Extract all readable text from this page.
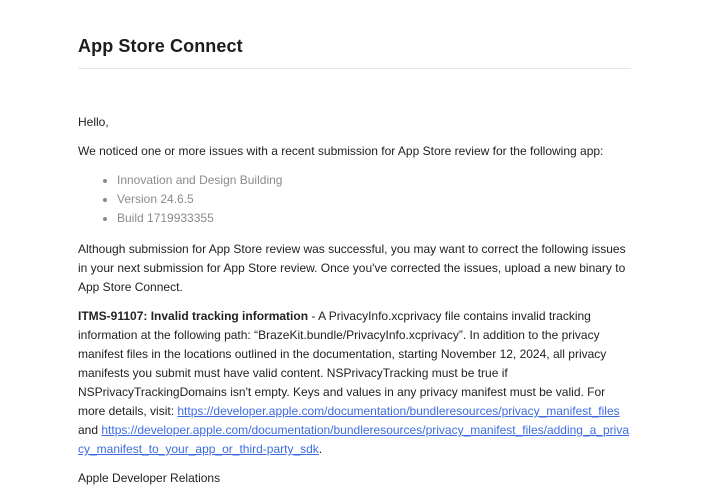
App Store Connect

Hello,

We noticed one or more issues with a recent submission for App Store review for the following app:

• Innovation and Design Building
• Version 24.6.5
• Build 1719933355

Although submission for App Store review was successful, you may want to correct the following issues in your next submission for App Store review. Once you've corrected the issues, upload a new binary to App Store Connect.

ITMS-91107: Invalid tracking information - A PrivacyInfo.xcprivacy file contains invalid tracking information at the following path: “BrazeKit.bundle/PrivacyInfo.xcprivacy”. In addition to the privacy manifest files in the locations outlined in the documentation, starting November 12, 2024, all privacy manifests you submit must have valid content. NSPrivacyTracking must be true if NSPrivacyTrackingDomains isn't empty. Keys and values in any privacy manifest must be valid. For more details, visit: https://developer.apple.com/documentation/bundleresources/privacy_manifest_files and https://developer.apple.com/documentation/bundleresources/privacy_manifest_files/adding_a_privacy_manifest_to_your_app_or_third-party_sdk.

Apple Developer Relations
